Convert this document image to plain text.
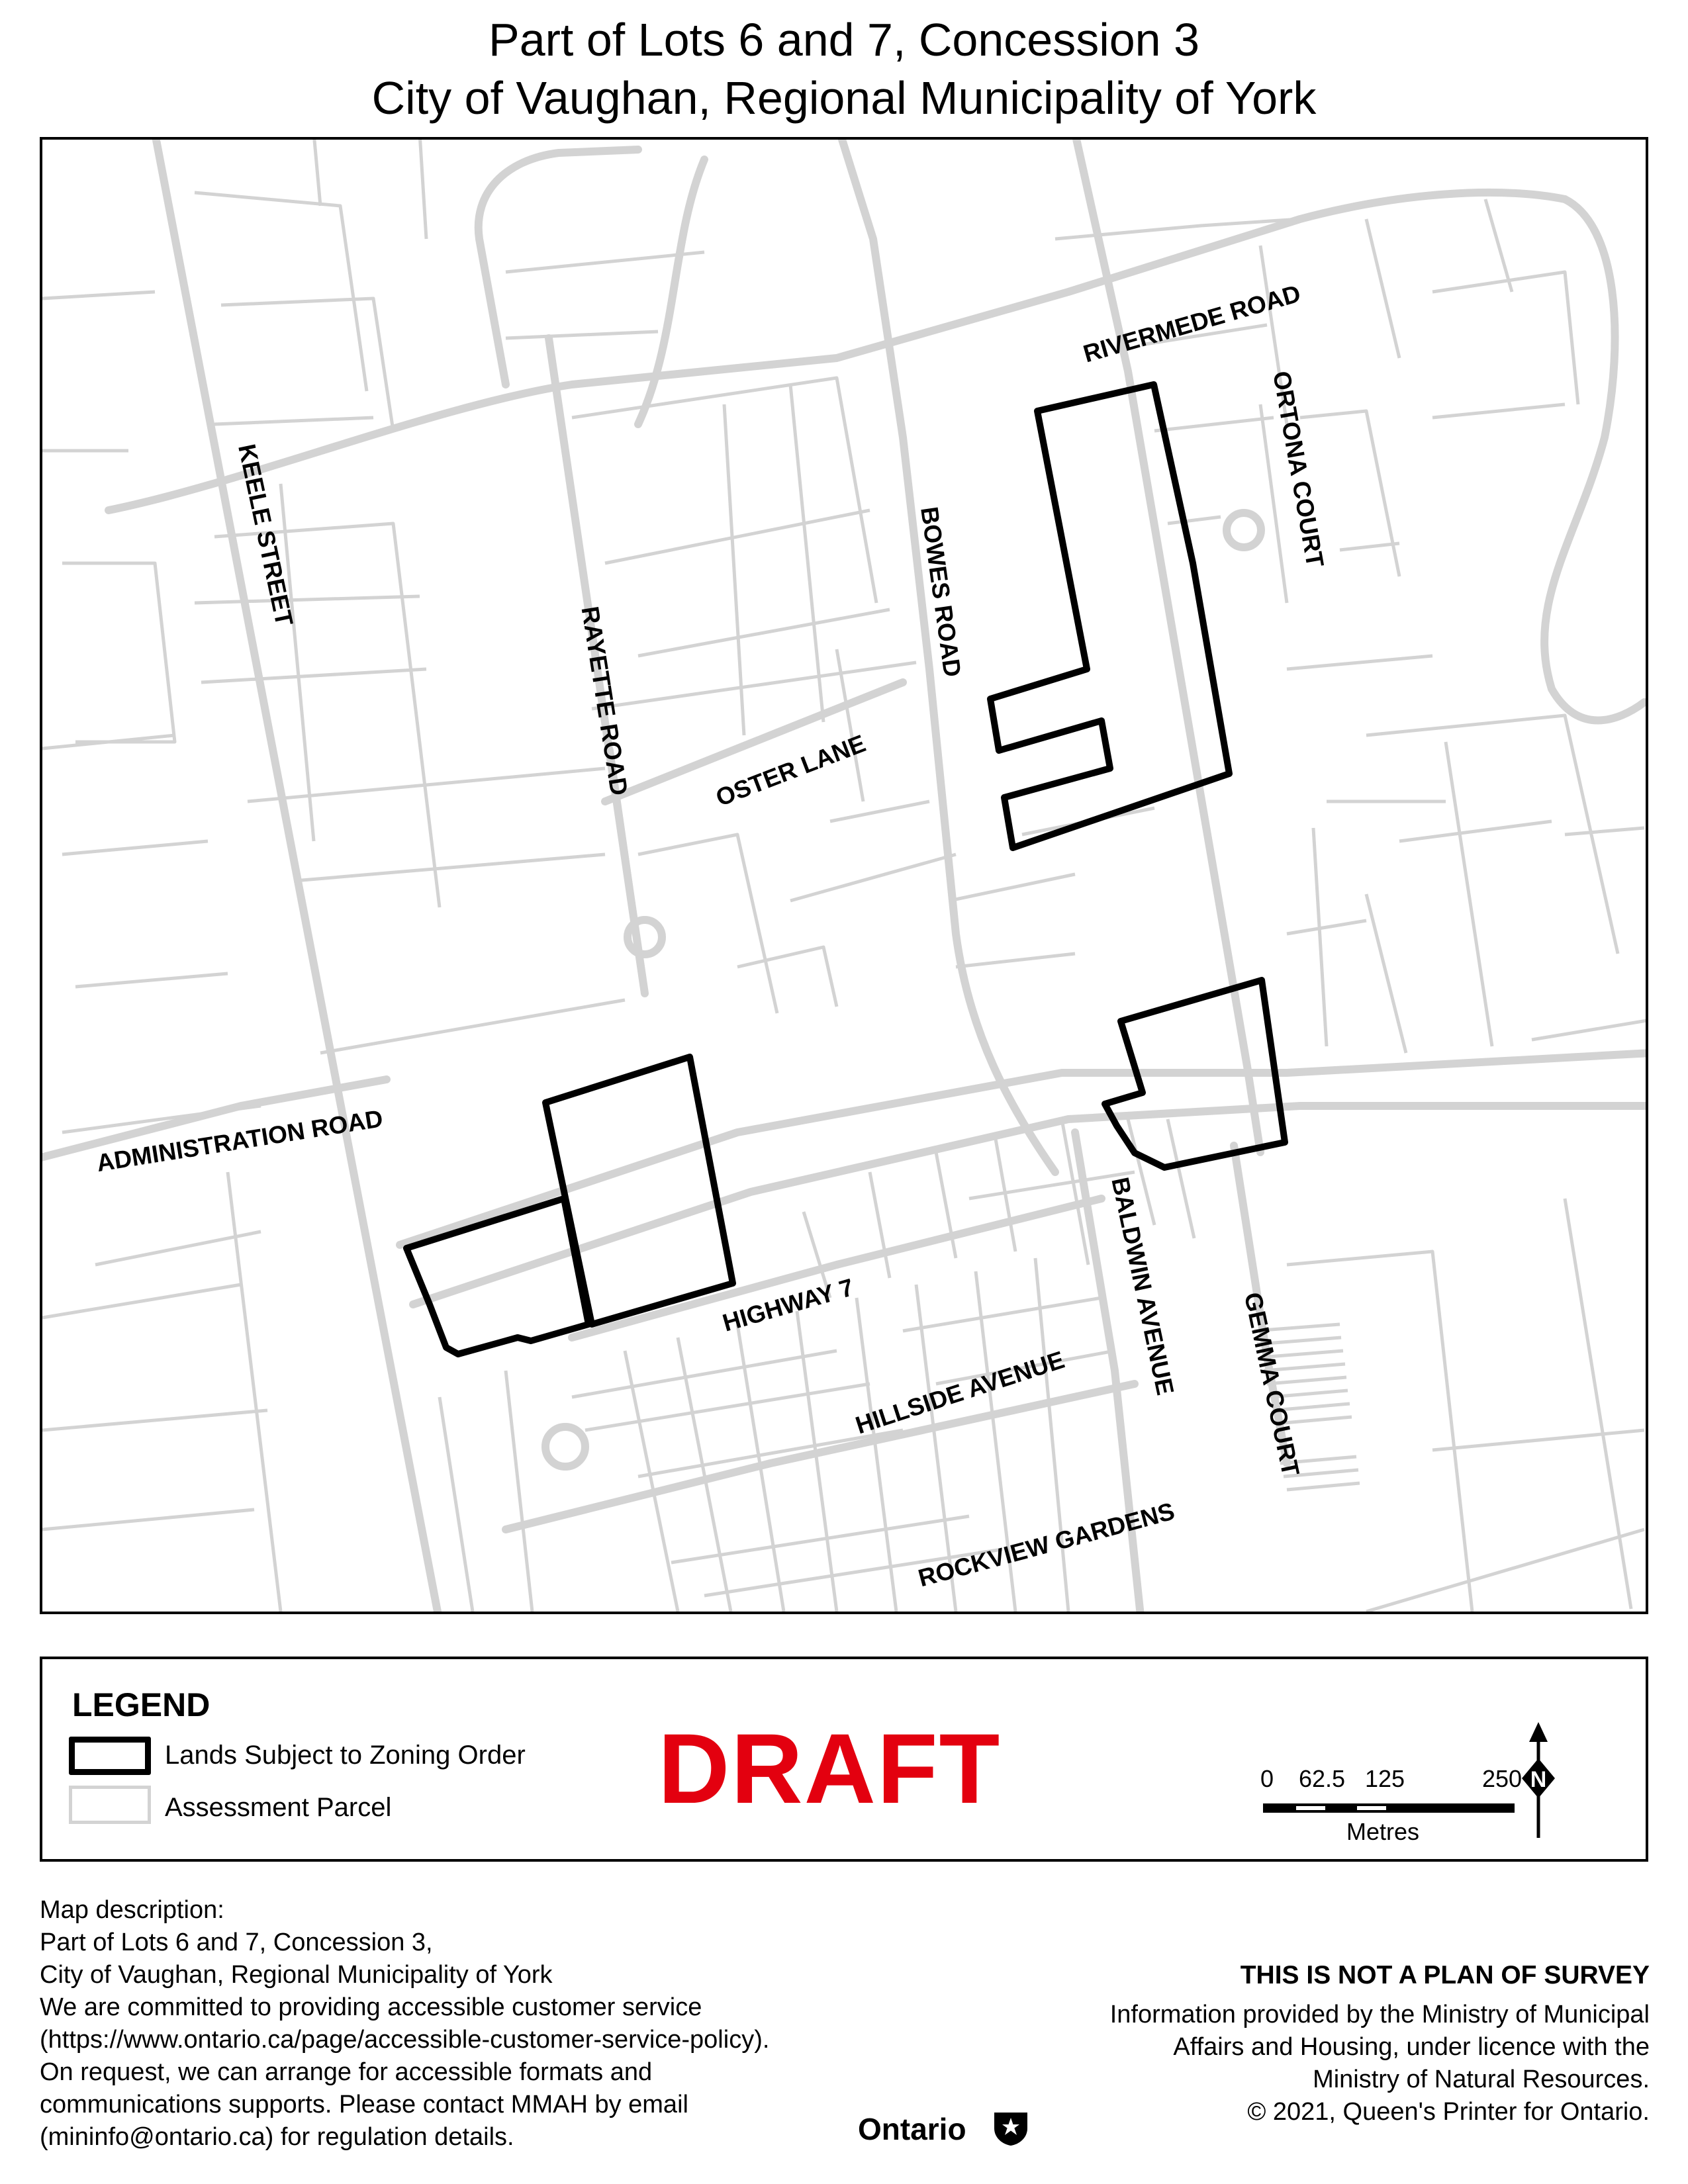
Part of Lots 6 and 7, Concession 3
City of Vaughan, Regional Municipality of York
RIVERMEDE ROAD
ORTONA COURT
KEELE STREET
RAYETTE ROAD
BOWES ROAD
OSTER LANE
ADMINISTRATION ROAD
HIGHWAY 7	BALDWIN AVENUE GEMMA COURT
HILLSIDE AVENUE
ROCKVIEW GARDENS
LEGEND
Lands Subject to Zoning Order
Assessment Parcel	DRAFT	0 62.5 125	250
Metres
N
Map description:
Part of Lots 6 and 7, Concession 3,
City of Vaughan, Regional Municipality of York
We are committed to providing accessible customer service
(https://www.ontario.ca/page/accessible-customer-service-policy).
On request, we can arrange for accessible formats and
communications supports. Please contact MMAH by email
(mininfo@ontario.ca) for regulation details.
THIS IS NOT A PLAN OF SURVEY
Information provided by the Ministry of Municipal
Affairs and Housing, under licence with the
Ministry of Natural Resources.
© 2021, Queen's Printer for Ontario.
Ontario
